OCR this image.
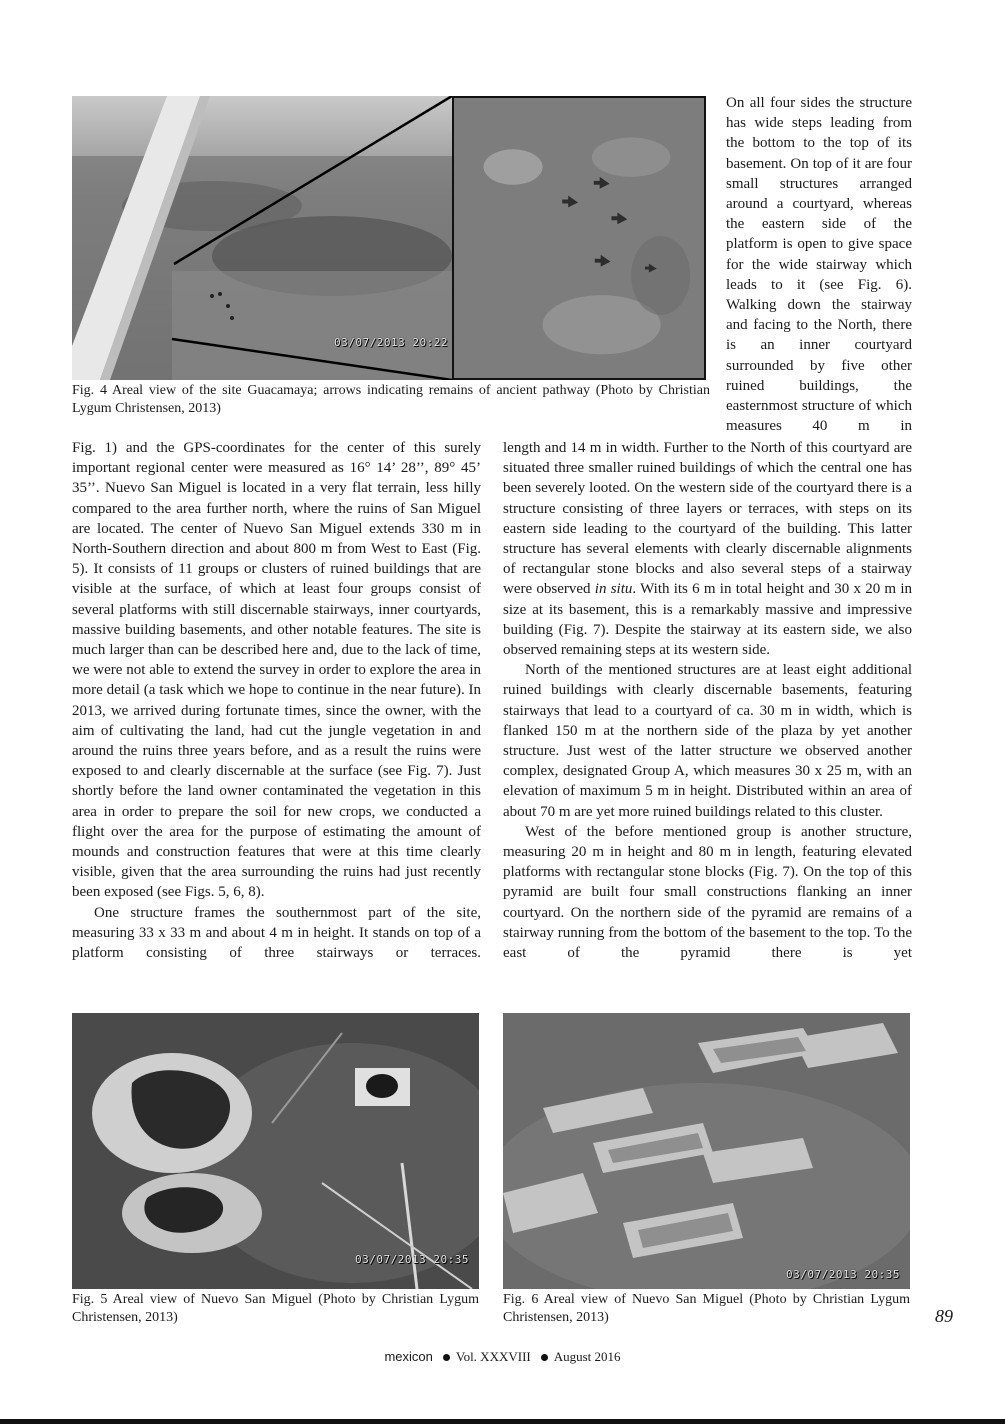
03/07/2013 20:22
Fig. 4 Areal view of the site Guacamaya; arrows indicating remains of ancient pathway (Photo by Christian Lygum Christensen, 2013)
On all four sides the structure has wide steps leading from the bottom to the top of its basement. On top of it are four small structures arranged around a courtyard, whereas the eastern side of the platform is open to give space for the wide stairway which leads to it (see Fig. 6). Walking down the stairway and facing to the North, there is an inner courtyard surrounded by five other ruined buildings, the easternmost structure of which measures 40 m in

Fig. 1) and the GPS-coordinates for the center of this surely important regional center were measured as 16° 14’ 28’’, 89° 45’ 35’’. Nuevo San Miguel is located in a very flat terrain, less hilly compared to the area further north, where the ruins of San Miguel are located. The center of Nuevo San Miguel extends 330 m in North-Southern direction and about 800 m from West to East (Fig. 5). It consists of 11 groups or clusters of ruined buildings that are visible at the surface, of which at least four groups consist of several platforms with still discernable stairways, inner courtyards, massive building basements, and other notable features. The site is much larger than can be described here and, due to the lack of time, we were not able to extend the survey in order to explore the area in more detail (a task which we hope to continue in the near future). In 2013, we arrived during fortunate times, since the owner, with the aim of cultivating the land, had cut the jungle vegetation in and around the ruins three years before, and as a result the ruins were exposed to and clearly discernable at the surface (see Fig. 7). Just shortly before the land owner contaminated the vegetation in this area in order to prepare the soil for new crops, we conducted a flight over the area for the purpose of estimating the amount of mounds and construction features that were at this time clearly visible, given that the area surrounding the ruins had just recently been exposed (see Figs. 5, 6, 8).

One structure frames the southernmost part of the site, measuring 33 x 33 m and about 4 m in height. It stands on top of a platform consisting of three stairways or terraces.

length and 14 m in width. Further to the North of this courtyard are situated three smaller ruined buildings of which the central one has been severely looted. On the western side of the courtyard there is a structure consisting of three layers or terraces, with steps on its eastern side leading to the courtyard of the building. This latter structure has several elements with clearly discernable alignments of rectangular stone blocks and also several steps of a stairway were observed in situ. With its 6 m in total height and 30 x 20 m in size at its basement, this is a remarkably massive and impressive building (Fig. 7). Despite the stairway at its eastern side, we also observed remaining steps at its western side.

North of the mentioned structures are at least eight additional ruined buildings with clearly discernable basements, featuring stairways that lead to a courtyard of ca. 30 m in width, which is flanked 150 m at the northern side of the plaza by yet another structure. Just west of the latter structure we observed another complex, designated Group A, which measures 30 x 25 m, with an elevation of maximum 5 m in height. Distributed within an area of about 70 m are yet more ruined buildings related to this cluster.

West of the before mentioned group is another structure, measuring 20 m in height and 80 m in length, featuring elevated platforms with rectangular stone blocks (Fig. 7). On the top of this pyramid are built four small constructions flanking an inner courtyard. On the northern side of the pyramid are remains of a stairway running from the bottom of the basement to the top. To the east of the pyramid there is yet

03/07/2013 20:35
Fig. 5 Areal view of Nuevo San Miguel (Photo by Christian Lygum Christensen, 2013)
03/07/2013 20:35
Fig. 6 Areal view of Nuevo San Miguel (Photo by Christian Lygum Christensen, 2013)	89
mexicon Vol. XXXVIII August 2016
